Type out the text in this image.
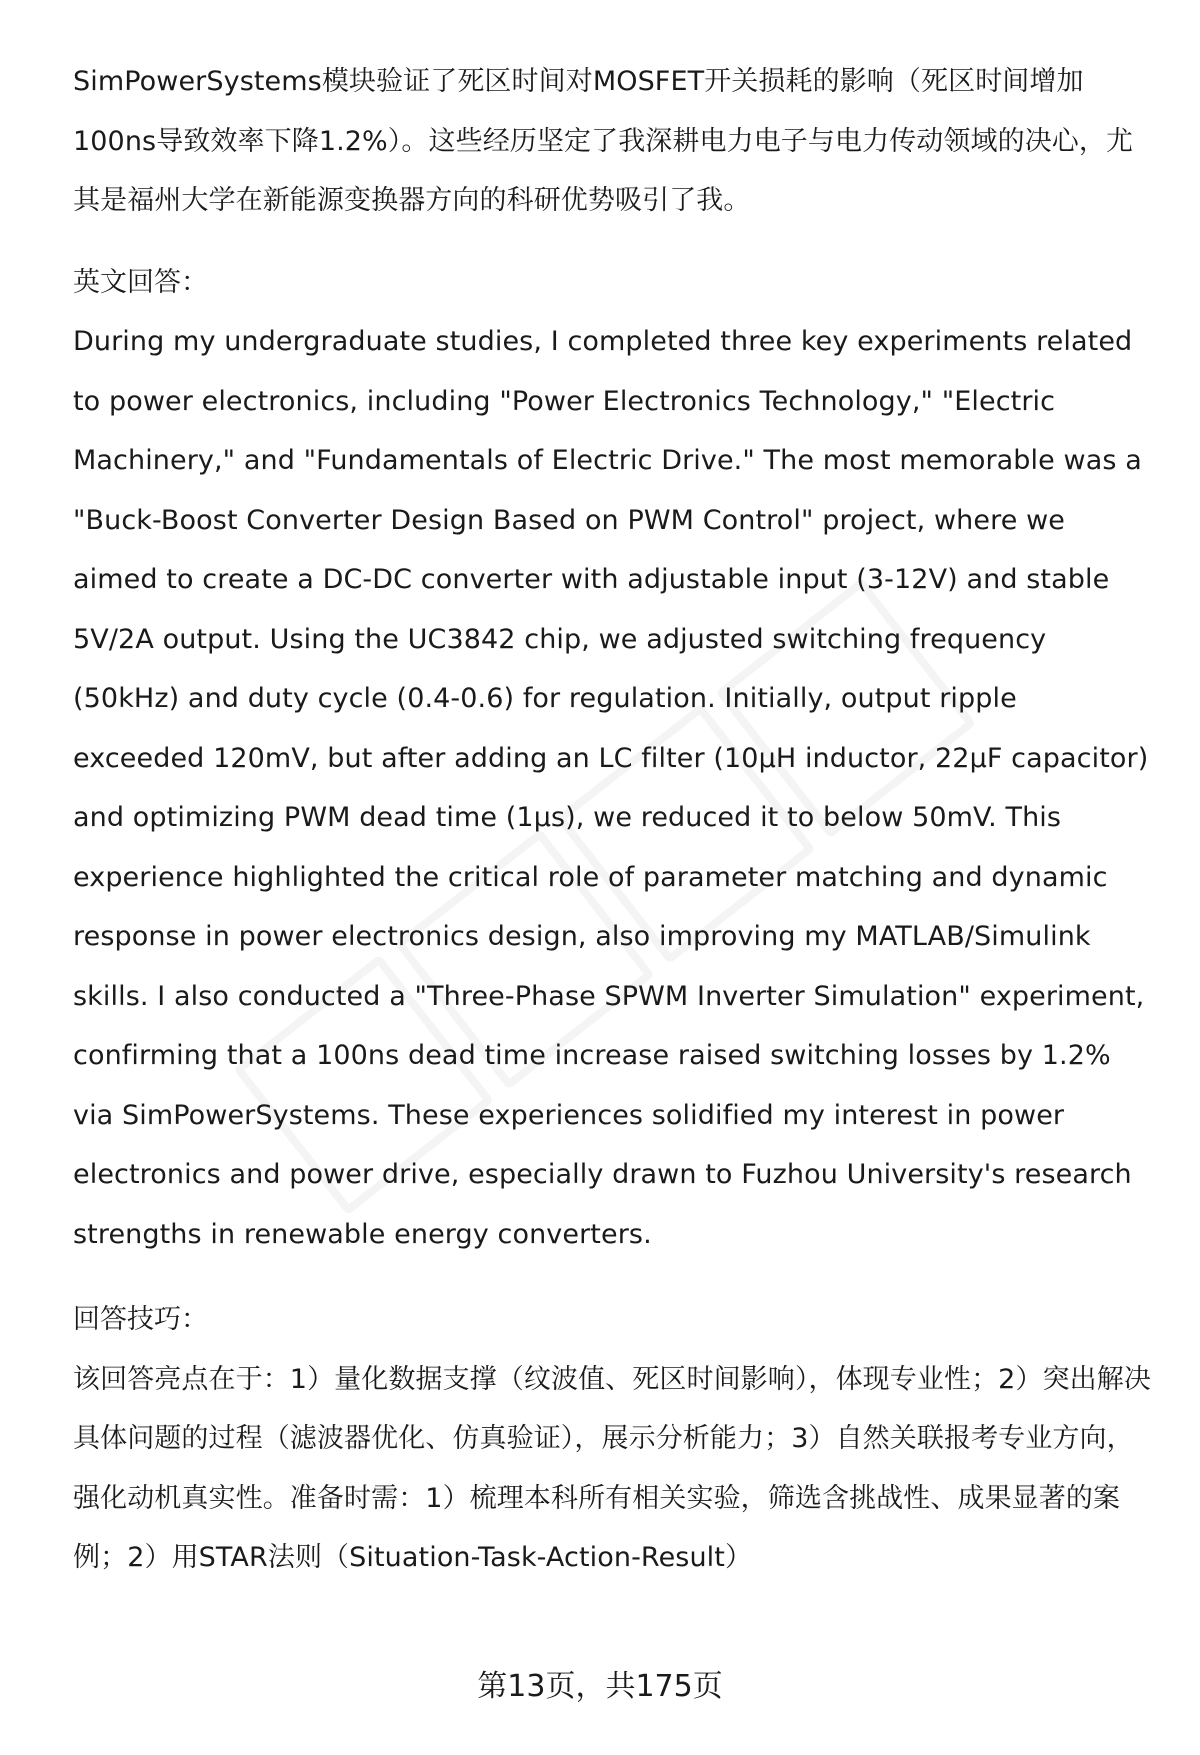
SimPowerSystems模块验证了死区时间对MOSFET开关损耗的影响（死区时间增加100ns导致效率下降1.2%）。这些经历坚定了我深耕电力电子与电力传动领域的决心，尤其是福州大学在新能源变换器方向的科研优势吸引了我。

英文回答：

During my undergraduate studies, I completed three key experiments related to power electronics, including "Power Electronics Technology," "Electric Machinery," and "Fundamentals of Electric Drive." The most memorable was a "Buck-Boost Converter Design Based on PWM Control" project, where we aimed to create a DC-DC converter with adjustable input (3-12V) and stable 5V/2A output. Using the UC3842 chip, we adjusted switching frequency (50kHz) and duty cycle (0.4-0.6) for regulation. Initially, output ripple exceeded 120mV, but after adding an LC filter (10μH inductor, 22μF capacitor) and optimizing PWM dead time (1μs), we reduced it to below 50mV. This experience highlighted the critical role of parameter matching and dynamic response in power electronics design, also improving my MATLAB/Simulink skills. I also conducted a "Three-Phase SPWM Inverter Simulation" experiment, confirming that a 100ns dead time increase raised switching losses by 1.2% via SimPowerSystems. These experiences solidified my interest in power electronics and power drive, especially drawn to Fuzhou University's research strengths in renewable energy converters.

回答技巧：

该回答亮点在于：1）量化数据支撑（纹波值、死区时间影响），体现专业性；2）突出解决具体问题的过程（滤波器优化、仿真验证），展示分析能力；3）自然关联报考专业方向，强化动机真实性。准备时需：1）梳理本科所有相关实验，筛选含挑战性、成果显著的案例；2）用STAR法则（Situation-Task-Action-Result）

第13页，共175页
